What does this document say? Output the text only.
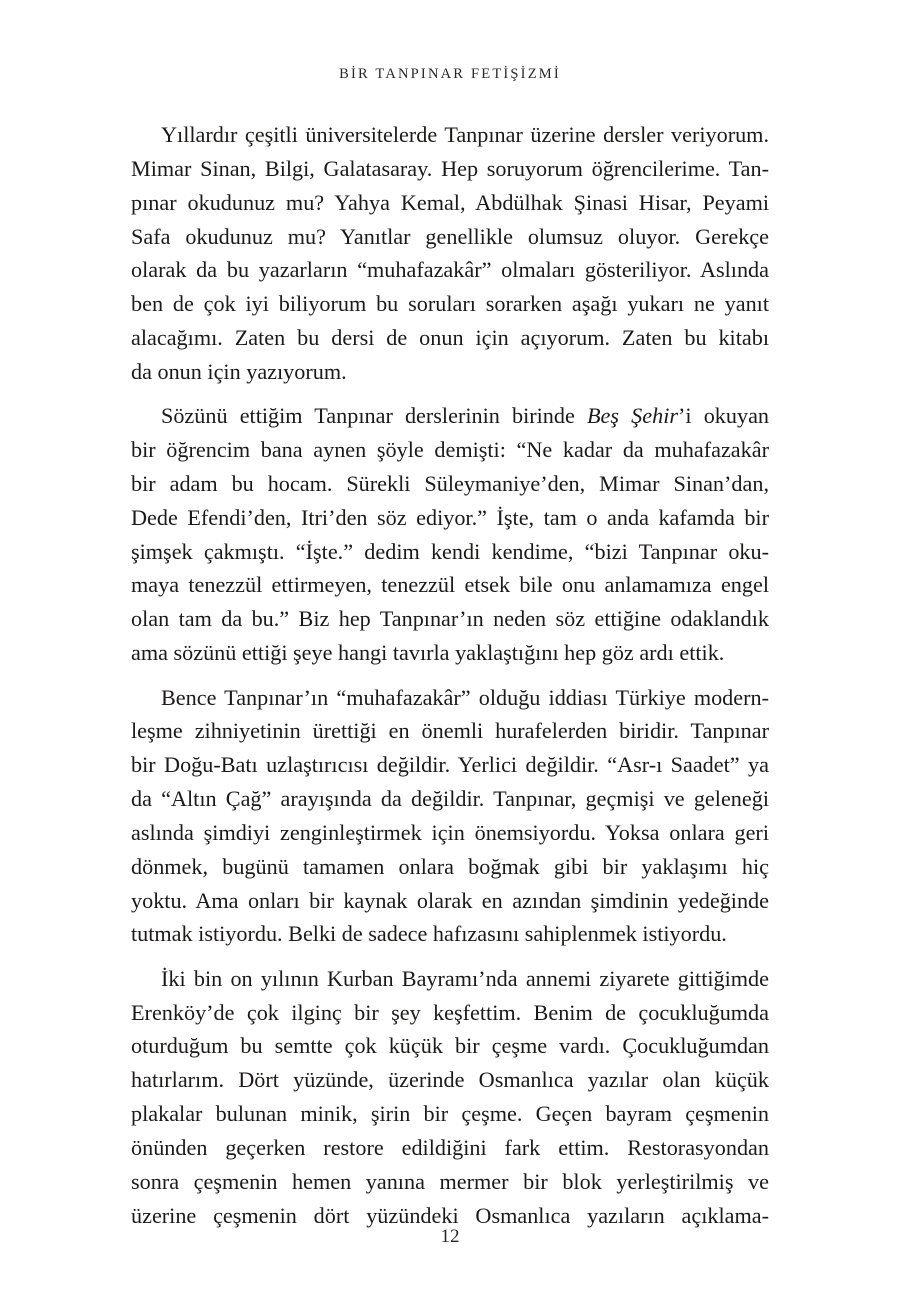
BİR TANPINAR FETİŞİZMİ
Yıllardır çeşitli üniversitelerde Tanpınar üzerine dersler veriyorum.
Mimar Sinan, Bilgi, Galatasaray. Hep soruyorum öğrencilerime. Tan-
pınar okudunuz mu? Yahya Kemal, Abdülhak Şinasi Hisar, Peyami
Safa okudunuz mu? Yanıtlar genellikle olumsuz oluyor. Gerekçe
olarak da bu yazarların “muhafazakâr” olmaları gösteriliyor. Aslında
ben de çok iyi biliyorum bu soruları sorarken aşağı yukarı ne yanıt
alacağımı. Zaten bu dersi de onun için açıyorum. Zaten bu kitabı
da onun için yazıyorum.
Sözünü ettiğim Tanpınar derslerinin birinde Beş Şehir’i okuyan
bir öğrencim bana aynen şöyle demişti: “Ne kadar da muhafazakâr
bir adam bu hocam. Sürekli Süleymaniye’den, Mimar Sinan’dan,
Dede Efendi’den, Itri’den söz ediyor.” İşte, tam o anda kafamda bir
şimşek çakmıştı. “İşte.” dedim kendi kendime, “bizi Tanpınar oku-
maya tenezzül ettirmeyen, tenezzül etsek bile onu anlamamıza engel
olan tam da bu.” Biz hep Tanpınar’ın neden söz ettiğine odaklandık
ama sözünü ettiği şeye hangi tavırla yaklaştığını hep göz ardı ettik.
Bence Tanpınar’ın “muhafazakâr” olduğu iddiası Türkiye modern-
leşme zihniyetinin ürettiği en önemli hurafelerden biridir. Tanpınar
bir Doğu-Batı uzlaştırıcısı değildir. Yerlici değildir. “Asr-ı Saadet” ya
da “Altın Çağ” arayışında da değildir. Tanpınar, geçmişi ve geleneği
aslında şimdiyi zenginleştirmek için önemsiyordu. Yoksa onlara geri
dönmek, bugünü tamamen onlara boğmak gibi bir yaklaşımı hiç
yoktu. Ama onları bir kaynak olarak en azından şimdinin yedeğinde
tutmak istiyordu. Belki de sadece hafızasını sahiplenmek istiyordu.
İki bin on yılının Kurban Bayramı’nda annemi ziyarete gittiğimde
Erenköy’de çok ilginç bir şey keşfettim. Benim de çocukluğumda
oturduğum bu semtte çok küçük bir çeşme vardı. Çocukluğumdan
hatırlarım. Dört yüzünde, üzerinde Osmanlıca yazılar olan küçük
plakalar bulunan minik, şirin bir çeşme. Geçen bayram çeşmenin
önünden geçerken restore edildiğini fark ettim. Restorasyondan
sonra çeşmenin hemen yanına mermer bir blok yerleştirilmiş ve
üzerine çeşmenin dört yüzündeki Osmanlıca yazıların açıklama-
12
